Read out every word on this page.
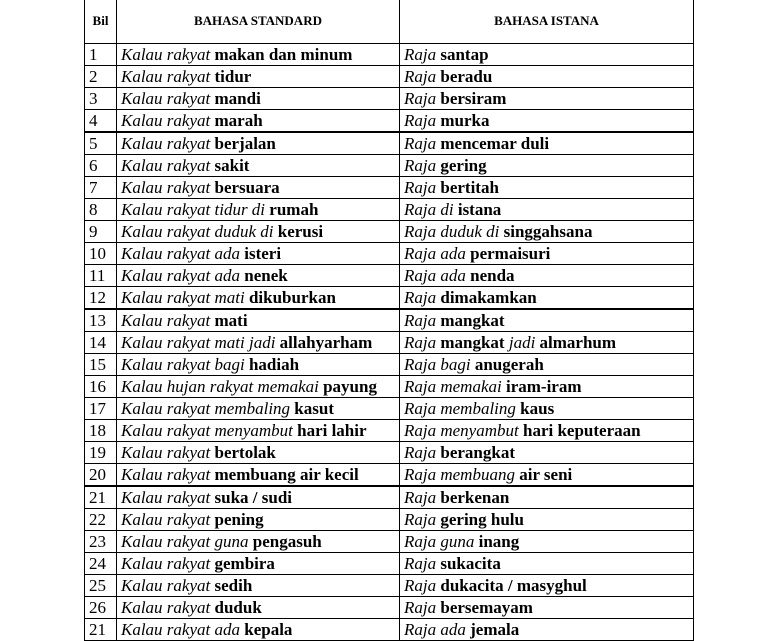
Bil	BAHASA STANDARD	BAHASA ISTANA
1	Kalau rakyat makan dan minum	Raja santap
2	Kalau rakyat tidur	Raja beradu
3	Kalau rakyat mandi	Raja bersiram
4	Kalau rakyat marah	Raja murka
5	Kalau rakyat berjalan	Raja mencemar duli
6	Kalau rakyat sakit	Raja gering
7	Kalau rakyat bersuara	Raja bertitah
8	Kalau rakyat tidur di rumah	Raja di istana
9	Kalau rakyat duduk di kerusi	Raja duduk di singgahsana
10	Kalau rakyat ada isteri	Raja ada permaisuri
11	Kalau rakyat ada nenek	Raja ada nenda
12	Kalau rakyat mati dikuburkan	Raja dimakamkan
13	Kalau rakyat mati	Raja mangkat
14	Kalau rakyat mati jadi allahyarham	Raja mangkat jadi almarhum
15	Kalau rakyat bagi hadiah	Raja bagi anugerah
16	Kalau hujan rakyat memakai payung	Raja memakai iram-iram
17	Kalau rakyat membaling kasut	Raja membaling kaus
18	Kalau rakyat menyambut hari lahir	Raja menyambut hari keputeraan
19	Kalau rakyat bertolak	Raja berangkat
20	Kalau rakyat membuang air kecil	Raja membuang air seni
21	Kalau rakyat suka / sudi	Raja berkenan
22	Kalau rakyat pening	Raja gering hulu
23	Kalau rakyat guna pengasuh	Raja guna inang
24	Kalau rakyat gembira	Raja sukacita
25	Kalau rakyat sedih	Raja dukacita / masyghul
26	Kalau rakyat duduk	Raja bersemayam
21	Kalau rakyat ada kepala	Raja ada jemala
